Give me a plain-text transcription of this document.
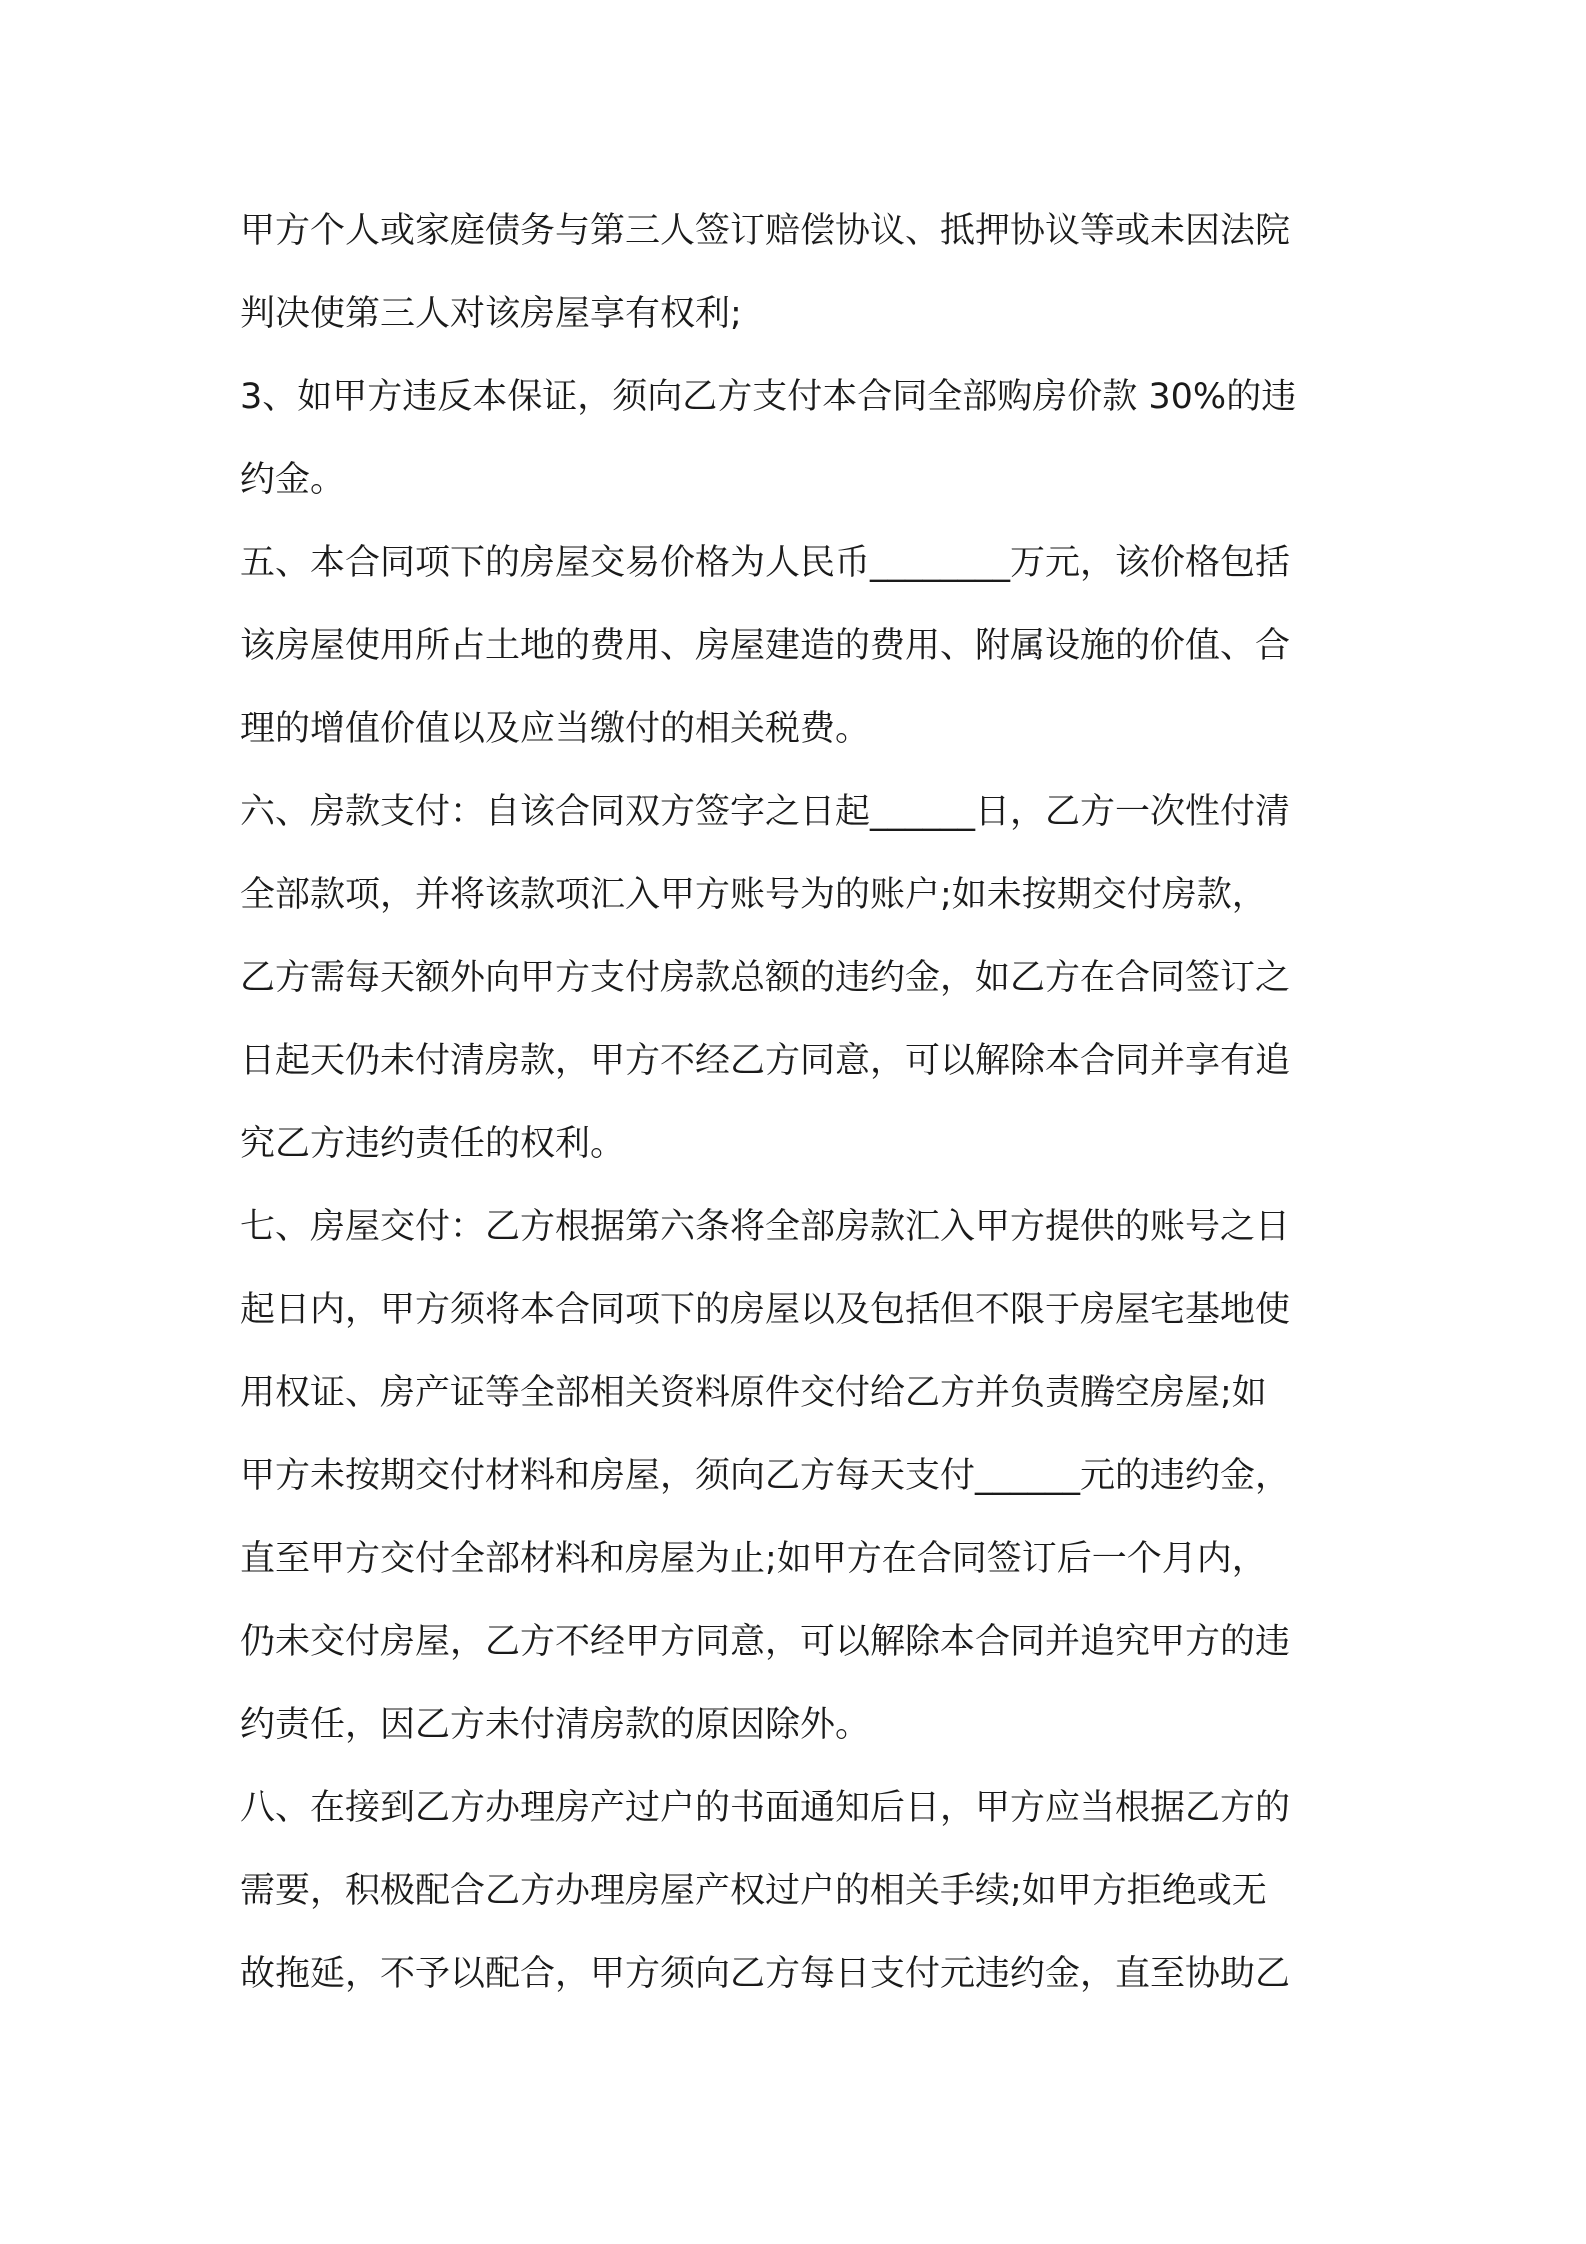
甲方个人或家庭债务与第三人签订赔偿协议、抵押协议等或未因法院
判决使第三人对该房屋享有权利;
3、如甲方违反本保证，须向乙方支付本合同全部购房价款 30%的违
约金。
五、本合同项下的房屋交易价格为人民币________万元，该价格包括
该房屋使用所占土地的费用、房屋建造的费用、附属设施的价值、合
理的增值价值以及应当缴付的相关税费。
六、房款支付：自该合同双方签字之日起______日，乙方一次性付清
全部款项，并将该款项汇入甲方账号为的账户;如未按期交付房款，
乙方需每天额外向甲方支付房款总额的违约金，如乙方在合同签订之
日起天仍未付清房款，甲方不经乙方同意，可以解除本合同并享有追
究乙方违约责任的权利。
七、房屋交付：乙方根据第六条将全部房款汇入甲方提供的账号之日
起日内，甲方须将本合同项下的房屋以及包括但不限于房屋宅基地使
用权证、房产证等全部相关资料原件交付给乙方并负责腾空房屋;如
甲方未按期交付材料和房屋，须向乙方每天支付______元的违约金，
直至甲方交付全部材料和房屋为止;如甲方在合同签订后一个月内，
仍未交付房屋，乙方不经甲方同意，可以解除本合同并追究甲方的违
约责任，因乙方未付清房款的原因除外。
八、在接到乙方办理房产过户的书面通知后日，甲方应当根据乙方的
需要，积极配合乙方办理房屋产权过户的相关手续;如甲方拒绝或无
故拖延，不予以配合，甲方须向乙方每日支付元违约金，直至协助乙
